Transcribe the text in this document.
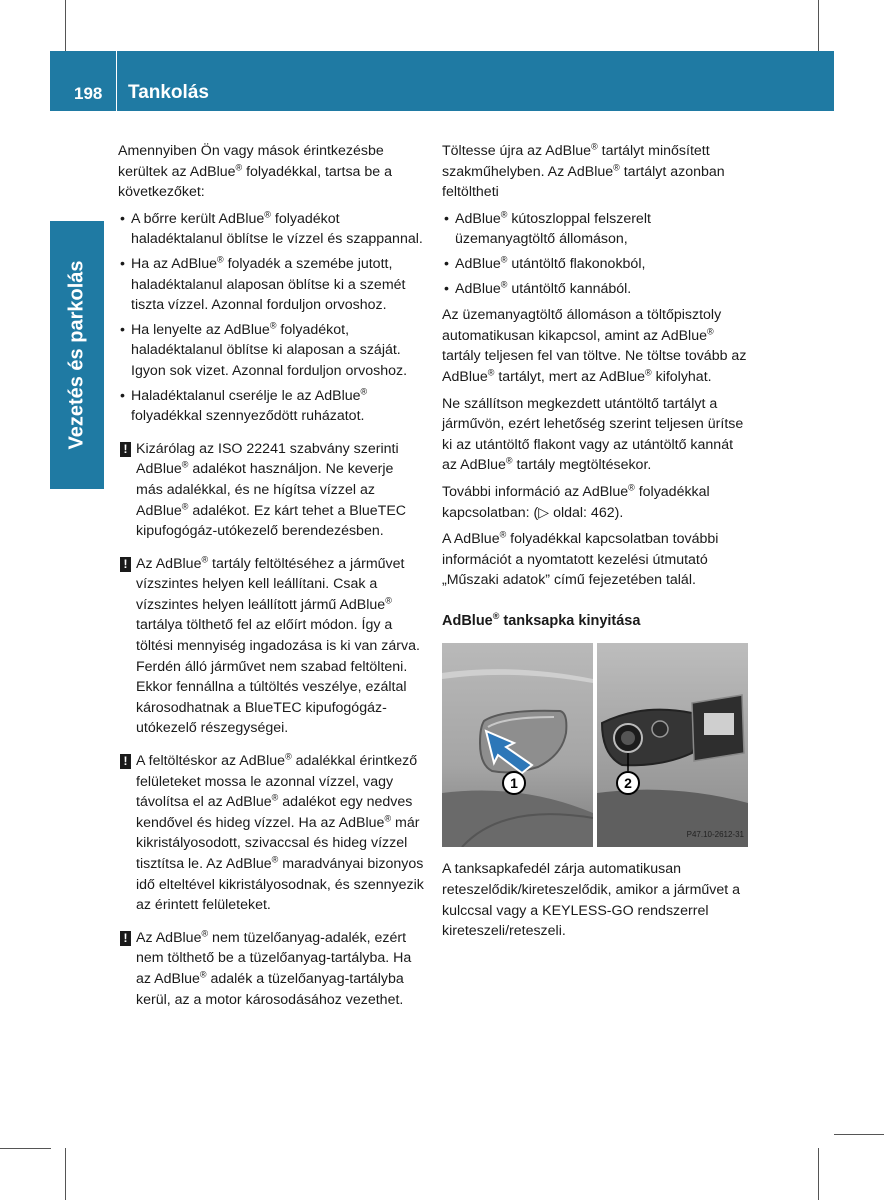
198 Tankolás
Vezetés és parkolás

Amennyiben Ön vagy mások érintkezésbe kerültek az AdBlue® folyadékkal, tartsa be a következőket:

• A bőrre került AdBlue® folyadékot haladéktalanul öblítse le vízzel és szappannal.
• Ha az AdBlue® folyadék a szemébe jutott, haladéktalanul alaposan öblítse ki a szemét tiszta vízzel. Azonnal forduljon orvoshoz.
• Ha lenyelte az AdBlue® folyadékot, haladéktalanul öblítse ki alaposan a száját. Igyon sok vizet. Azonnal forduljon orvoshoz.
• Haladéktalanul cserélje le az AdBlue® folyadékkal szennyeződött ruházatot.
! Kizárólag az ISO 22241 szabvány szerinti AdBlue® adalékot használjon. Ne keverje más adalékkal, és ne hígítsa vízzel az AdBlue® adalékot. Ez kárt tehet a BlueTEC kipufogógáz-utókezelő berendezésben.
! Az AdBlue® tartály feltöltéséhez a járművet vízszintes helyen kell leállítani. Csak a vízszintes helyen leállított jármű AdBlue® tartálya tölthető fel az előírt módon. Így a töltési mennyiség ingadozása is ki van zárva. Ferdén álló járművet nem szabad feltölteni. Ekkor fennállna a túltöltés veszélye, ezáltal károsodhatnak a BlueTEC kipufogógáz-utókezelő részegységei.
! A feltöltéskor az AdBlue® adalékkal érintkező felületeket mossa le azonnal vízzel, vagy távolítsa el az AdBlue® adalékot egy nedves kendővel és hideg vízzel. Ha az AdBlue® már kikristályosodott, szivaccsal és hideg vízzel tisztítsa le. Az AdBlue® maradványai bizonyos idő elteltével kikristályosodnak, és szennyezik az érintett felületeket.
! Az AdBlue® nem tüzelőanyag-adalék, ezért nem tölthető be a tüzelőanyag-tartályba. Ha az AdBlue® adalék a tüzelőanyag-tartályba kerül, az a motor károsodásához vezethet.

Töltesse újra az AdBlue® tartályt minősített szakműhelyben. Az AdBlue® tartályt azonban feltöltheti

• AdBlue® kútoszloppal felszerelt üzemanyagtöltő állomáson,
• AdBlue® utántöltő flakonokból,
• AdBlue® utántöltő kannából.

Az üzemanyagtöltő állomáson a töltőpisztoly automatikusan kikapcsol, amint az AdBlue® tartály teljesen fel van töltve. Ne töltse tovább az AdBlue® tartályt, mert az AdBlue® kifolyhat.

Ne szállítson megkezdett utántöltő tartályt a járművön, ezért lehetőség szerint teljesen ürítse ki az utántöltő flakont vagy az utántöltő kannát az AdBlue® tartály megtöltésekor.

További információ az AdBlue® folyadékkal kapcsolatban: (▷ oldal: 462).

A AdBlue® folyadékkal kapcsolatban további információt a nyomtatott kezelési útmutató „Műszaki adatok” című fejezetében talál.

AdBlue® tanksapka kinyitása
1	2
P47.10-2612-31

A tanksapkafedél zárja automatikusan reteszelődik/kireteszelődik, amikor a járművet a kulccsal vagy a KEYLESS-GO rendszerrel kireteszeli/reteszeli.
